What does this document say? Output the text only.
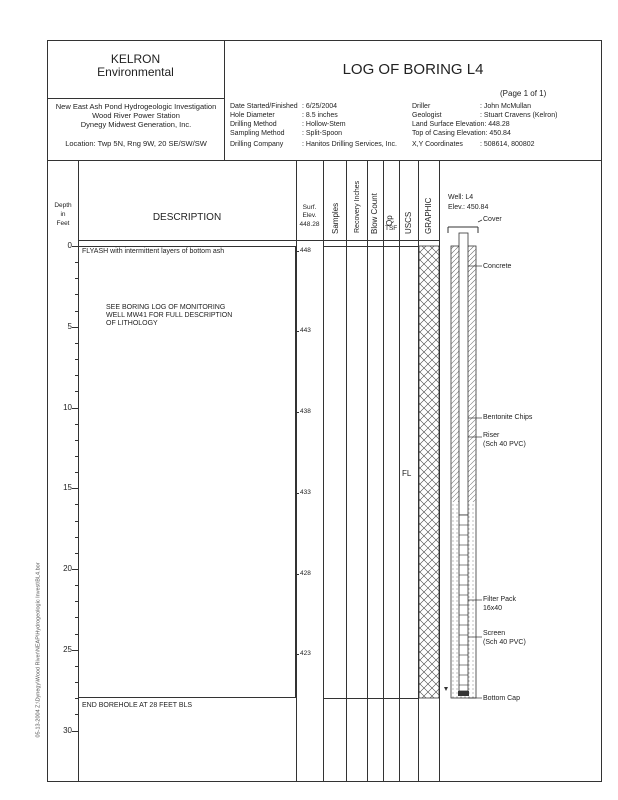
KELRON
Environmental	LOG OF BORING L4
(Page 1 of 1)
New East Ash Pond Hydrogeologic Investigation
Wood River Power Station
Dynegy Midwest Generation, Inc.
Location: Twp 5N, Rng 9W, 20 SE/SW/SW
Date Started/Finished : 6/25/2004
Hole Diameter	: 8.5 inches
Drilling Method	: Hollow-Stem
Sampling Method	: Split-Spoon
Drilling Company	: Hanitos Drilling Services, Inc.
Driller	: John McMullan
Geologist	: Stuart Cravens (Kelron)
Land Surface Elevation: 448.28
Top of Casing Elevation: 450.84
X,Y Coordinates : 508614, 800802
Depth
in
Feet
DESCRIPTION
Surf.
Elev.
448.28	Samples Recovery Inches Blow Count Qp
TSF USCS GRAPHIC
0
5
10
15
20
25
30
448
443
438
433
428
423
FLYASH with intermittent layers of bottom ash
SEE BORING LOG OF MONITORING
WELL MW41 FOR FULL DESCRIPTION
OF LITHOLOGY
END BOREHOLE AT 28 FEET BLS
FL
Well: L4
Elev.: 450.84
Cover
Concrete
Bentonite Chips
Riser
(Sch 40 PVC)
Filter Pack
16x40
Screen
(Sch 40 PVC)
Bottom Cap
05-13-2004 Z:\Dynegy\Wood River\NEAP\Hydrogeologic Invest\BL4.bor
